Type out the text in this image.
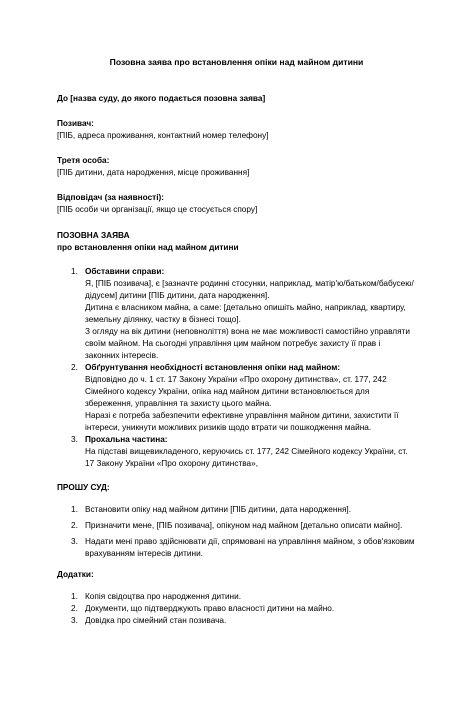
Позовна заява про встановлення опіки над майном дитини
До [назва суду, до якого подається позовна заява]
Позивач:
[ПІБ, адреса проживання, контактний номер телефону]
Третя особа:
[ПІБ дитини, дата народження, місце проживання]
Відповідач (за наявності):
[ПІБ особи чи організації, якщо це стосується спору]
ПОЗОВНА ЗАЯВА
про встановлення опіки над майном дитини
1. Обставини справи:
Я, [ПІБ позивача], є [зазначте родинні стосунки, наприклад, матір'ю/батьком/бабусею/дідусем] дитини [ПІБ дитини, дата народження].
Дитина є власником майна, а саме: [детально опишіть майно, наприклад, квартиру, земельну ділянку, частку в бізнесі тощо].
З огляду на вік дитини (неповноліття) вона не має можливості самостійно управляти своїм майном. На сьогодні управління цим майном потребує захисту її прав і законних інтересів.
2. Обґрунтування необхідності встановлення опіки над майном:
Відповідно до ч. 1 ст. 17 Закону України «Про охорону дитинства», ст. 177, 242 Сімейного кодексу України, опіка над майном дитини встановлюється для збереження, управління та захисту цього майна.
Наразі є потреба забезпечити ефективне управління майном дитини, захистити її інтереси, уникнути можливих ризиків щодо втрати чи пошкодження майна.
3. Прохальна частина:
На підставі вищевикладеного, керуючись ст. 177, 242 Сімейного кодексу України, ст. 17 Закону України «Про охорону дитинства»,
ПРОШУ СУД:
1. Встановити опіку над майном дитини [ПІБ дитини, дата народження].
2. Призначити мене, [ПІБ позивача], опікуном над майном [детально описати майно].
3. Надати мені право здійснювати дії, спрямовані на управління майном, з обов'язковим врахуванням інтересів дитини.
Додатки:
1. Копія свідоцтва про народження дитини.
2. Документи, що підтверджують право власності дитини на майно.
3. Довідка про сімейний стан позивача.
